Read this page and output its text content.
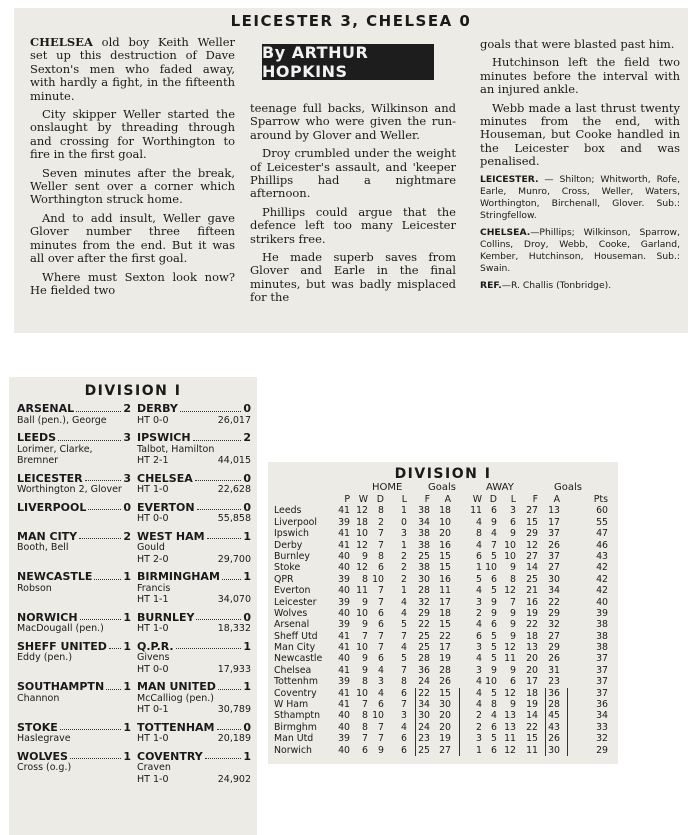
LEICESTER 3, CHELSEA 0
By ARTHUR HOPKINS

CHELSEA old boy Keith Weller set up this destruction of Dave Sexton's men who faded away, with hardly a fight, in the fifteenth minute.

City skipper Weller started the onslaught by threading through and crossing for Worthington to fire in the first goal.

Seven minutes after the break, Weller sent over a corner which Worthington struck home.

And to add insult, Weller gave Glover number three fifteen minutes from the end. But it was all over after the first goal.

Where must Sexton look now? He fielded two

teenage full backs, Wilkinson and Sparrow who were given the run-around by Glover and Weller.

Droy crumbled under the weight of Leicester's assault, and 'keeper Phillips had a nightmare afternoon.

Phillips could argue that the defence left too many Leicester strikers free.

He made superb saves from Glover and Earle in the final minutes, but was badly misplaced for the

goals that were blasted past him.

Hutchinson left the field two minutes before the interval with an injured ankle.

Webb made a last thrust twenty minutes from the end, with Houseman, but Cooke handled in the Leicester box and was penalised.

LEICESTER. — Shilton; Whitworth, Rofe, Earle, Munro, Cross, Weller, Waters, Worthington, Birchenall, Glover. Sub.: Stringfellow.

CHELSEA.—Phillips; Wilkinson, Sparrow, Collins, Droy, Webb, Cooke, Garland, Kember, Hutchinson, Houseman. Sub.: Swain.

REF.—R. Challis (Tonbridge).

DIVISION I
ARSENAL	2
Ball (pen.), George
DERBY	0
HT 0-0	26,017
LEEDS	3
Lorimer, Clarke, Bremner
IPSWICH	2
Talbot, Hamilton
HT 2-1	44,015
LEICESTER	3
Worthington 2, Glover
CHELSEA	0
HT 1-0	22,628
LIVERPOOL	0 EVERTON	0
HT 0-0	55,858
MAN CITY	2
Booth, Bell
WEST HAM	1
Gould
HT 2-0	29,700
NEWCASTLE	1
Robson
BIRMINGHAM 1
Francis
HT 1-1	34,070
NORWICH	1
MacDougall (pen.)
BURNLEY	0
HT 1-0	18,332
SHEFF UNITED 1
Eddy (pen.)
Q.P.R.	1
Givens
HT 0-0	17,933
SOUTHAMPTN 1
Channon
MAN UNITED 1
McCalliog (pen.)
HT 0-1	30,789
STOKE	1
Haslegrave
TOTTENHAM	0
HT 1-0	20,189
WOLVES	1
Cross (o.g.)
COVENTRY	1
Craven
HT 1-0	24,902
DIVISION I
HOME	Goals	AWAY	Goals
P W D L F A W D L F A	Pts
Leeds	41 12 8 1 38 18 11 6 3 27 13	60
Liverpool 39 18 2 0 34 10	4 9 6 15 17	55
Ipswich	41 10 7 3 38 20	8 4 9 29 37	47
Derby	41 12 7 1 38 16	4 7 10 12 26	46
Burnley	40 9 8 2 25 15	6 5 10 27 37	43
Stoke	40 12 6 2 38 15	1 10 9 14 27	42
QPR	39 8 10 2 30 16	5 6 8 25 30	42
Everton	40 11 7 1 28 11	4 5 12 21 34	42
Leicester 39 9 7 4 32 17	3 9 7 16 22	40
Wolves	40 10 6 4 29 18	2 9 9 19 29	39
Arsenal	39 9 6 5 22 15	4 6 9 22 32	38
Sheff Utd 41 7 7 7 25 22	6 5 9 18 27	38
Man City 41 10 7 4 25 17	3 5 12 13 29	38
Newcastle 40 9 6 5 28 19	4 5 11 20 26	37
Chelsea	41 9 4 7 36 28	3 9 9 20 31	37
Tottenhm 39 8 3 8 24 26	4 10 6 17 23	37
Coventry 41 10 4 6 22 15	4 5 12 18 36	37
W Ham	41 7 6 7 34 30	4 8 9 19 28	36
Sthamptn 40 8 10 3 30 20	2 4 13 14 45	34
Birmghm 40 8 7 4 24 20	2 6 13 22 43	33
Man Utd	39 7 7 6 23 19	3 5 11 15 26	32
Norwich	40 6 9 6 25 27	1 6 12 11 30	29
